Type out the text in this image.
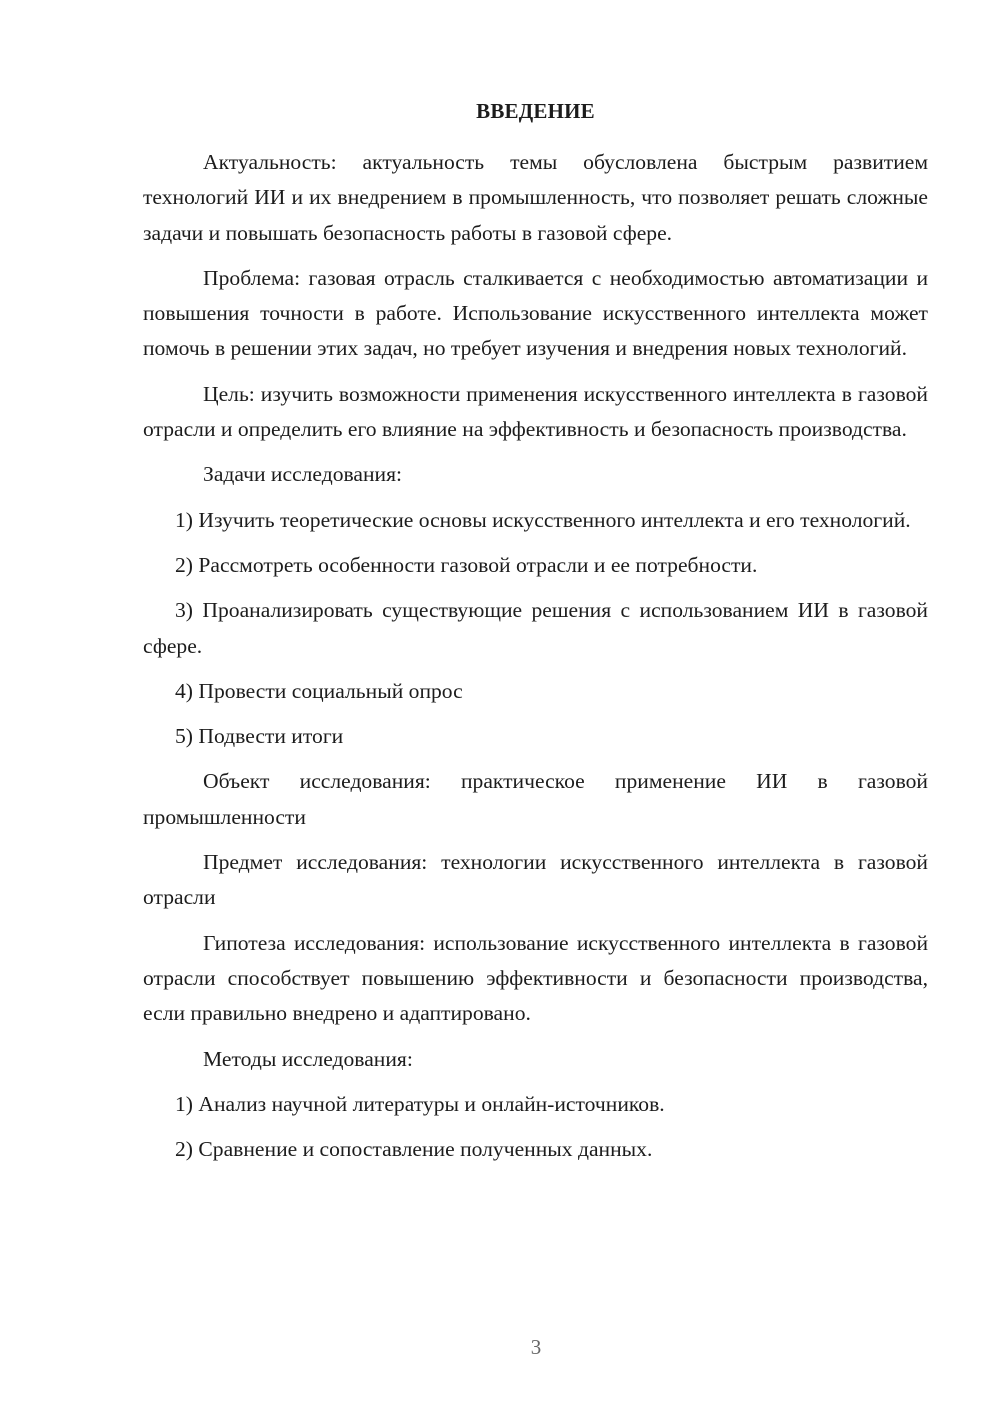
ВВЕДЕНИЕ

Актуальность: актуальность темы обусловлена быстрым развитием технологий ИИ и их внедрением в промышленность, что позволяет решать сложные задачи и повышать безопасность работы в газовой сфере.

Проблема: газовая отрасль сталкивается с необходимостью автоматизации и повышения точности в работе. Использование искусственного интеллекта может помочь в решении этих задач, но требует изучения и внедрения новых технологий.

Цель: изучить возможности применения искусственного интеллекта в газовой отрасли и определить его влияние на эффективность и безопасность производства.

Задачи исследования:

1) Изучить теоретические основы искусственного интеллекта и его технологий.

2) Рассмотреть особенности газовой отрасли и ее потребности.

3) Проанализировать существующие решения с использованием ИИ в газовой сфере.

4) Провести социальный опрос

5) Подвести итоги

Объект исследования: практическое применение ИИ в газовой промышленности

Предмет исследования: технологии искусственного интеллекта в газовой отрасли

Гипотеза исследования: использование искусственного интеллекта в газовой отрасли способствует повышению эффективности и безопасности производства, если правильно внедрено и адаптировано.

Методы исследования:

1) Анализ научной литературы и онлайн-источников.

2) Сравнение и сопоставление полученных данных.

3
